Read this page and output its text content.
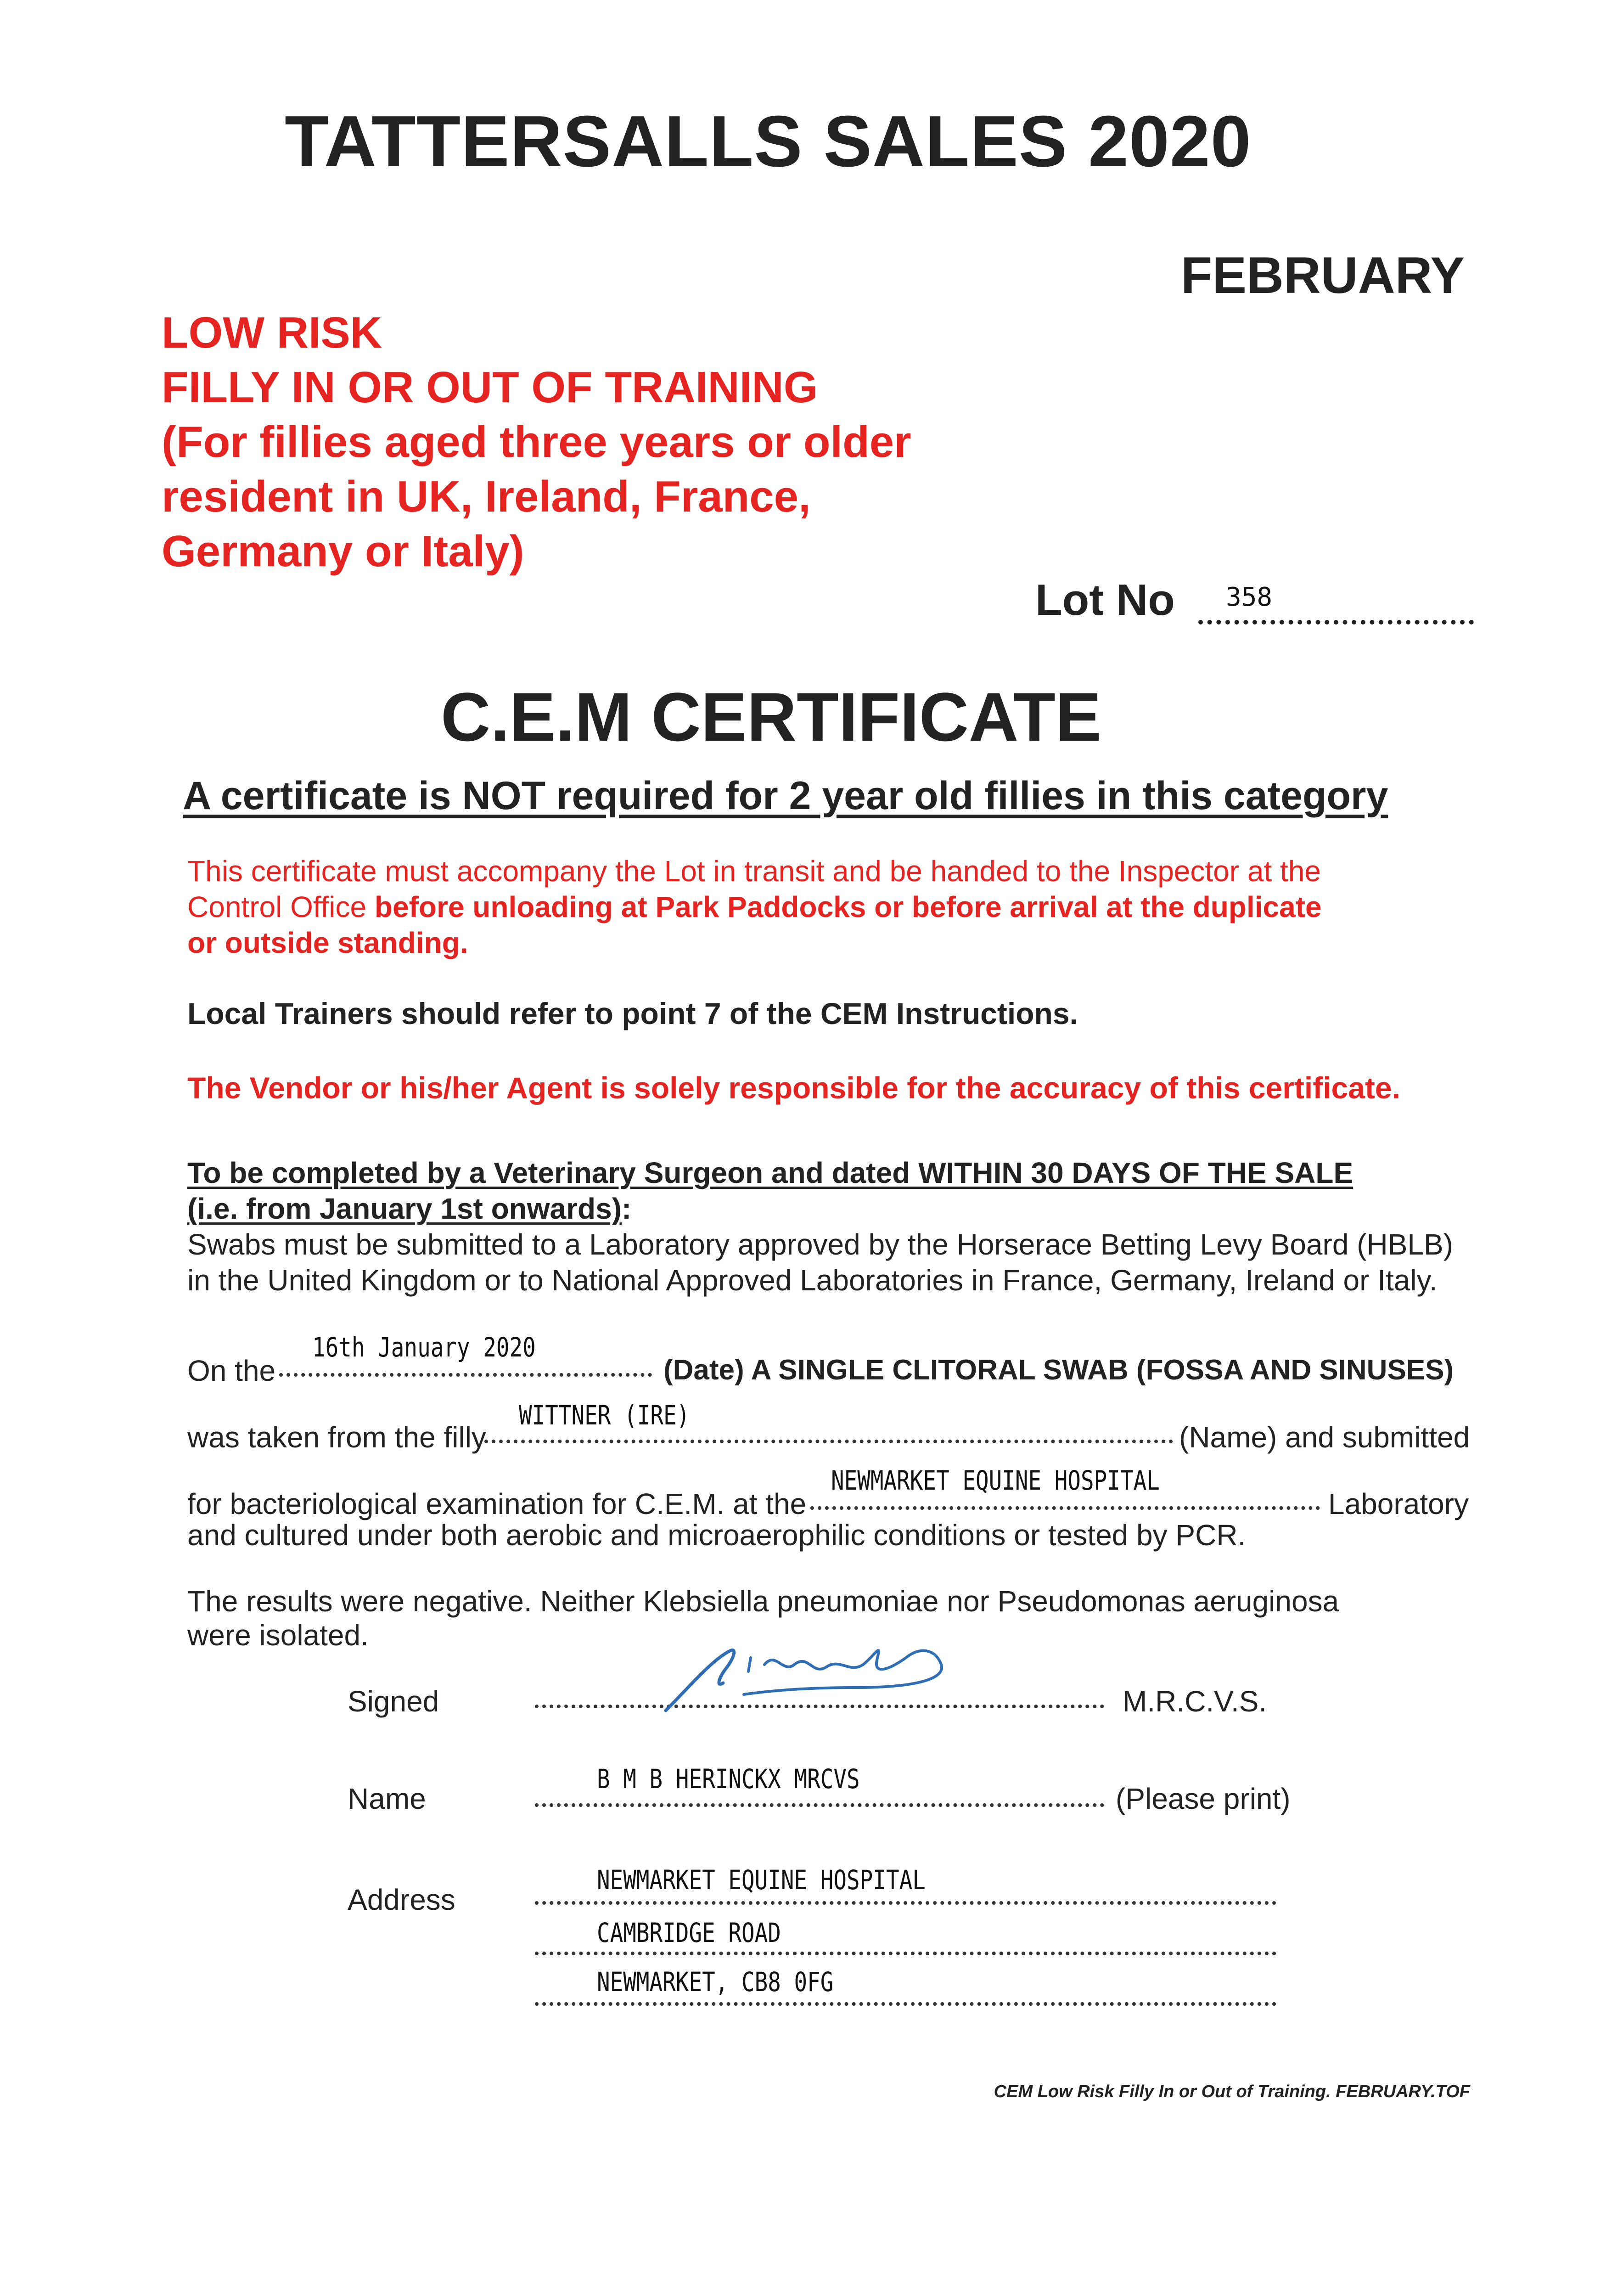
TATTERSALLS SALES 2020
FEBRUARY
LOW RISK
FILLY IN OR OUT OF TRAINING
(For fillies aged three years or older
resident in UK, Ireland, France,
Germany or Italy)
Lot No 358
C.E.M CERTIFICATE
A certificate is NOT required for 2 year old fillies in this category
This certificate must accompany the Lot in transit and be handed to the Inspector at the
Control Office before unloading at Park Paddocks or before arrival at the duplicate
or outside standing.
Local Trainers should refer to point 7 of the CEM Instructions.
The Vendor or his/her Agent is solely responsible for the accuracy of this certificate.
To be completed by a Veterinary Surgeon and dated WITHIN 30 DAYS OF THE SALE
(i.e. from January 1st onwards):
Swabs must be submitted to a Laboratory approved by the Horserace Betting Levy Board (HBLB)
in the United Kingdom or to National Approved Laboratories in France, Germany, Ireland or Italy.
On the
16th January 2020
(Date) A SINGLE CLITORAL SWAB (FOSSA AND SINUSES)
was taken from the filly
WITTNER (IRE)
(Name) and submitted
for bacteriological examination for C.E.M. at the
NEWMARKET EQUINE HOSPITAL
Laboratory
and cultured under both aerobic and microaerophilic conditions or tested by PCR.
The results were negative. Neither Klebsiella pneumoniae nor Pseudomonas aeruginosa
were isolated.
Signed	M.R.C.V.S.
Name
B M B HERINCKX MRCVS
(Please print)
Address
NEWMARKET EQUINE HOSPITAL
CAMBRIDGE ROAD
NEWMARKET, CB8 0FG
CEM Low Risk Filly In or Out of Training. FEBRUARY.TOF
